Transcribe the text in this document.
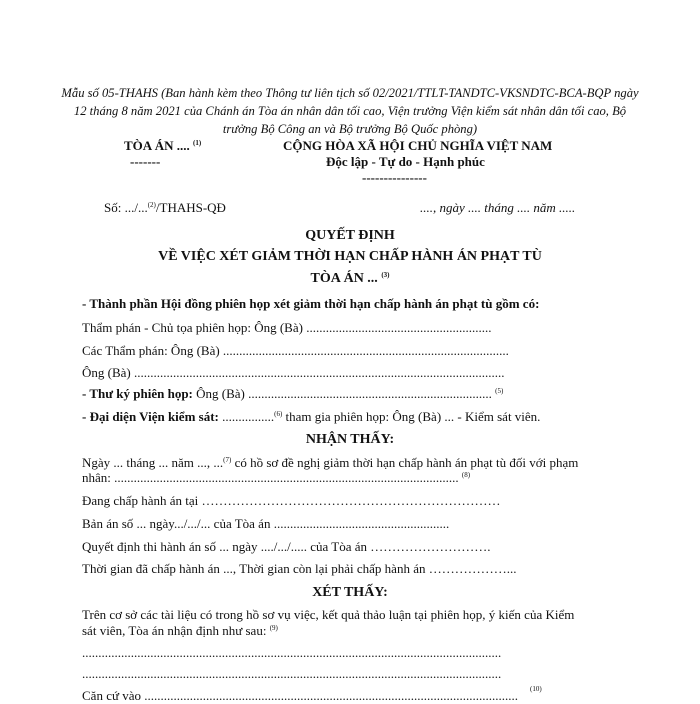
Mẫu số 05-THAHS (Ban hành kèm theo Thông tư liên tịch số 02/2021/TTLT-TANDTC-VKSNDTC-BCA-BQP ngày 12 tháng 8 năm 2021 của Chánh án Tòa án nhân dân tối cao, Viện trưởng Viện kiểm sát nhân dân tối cao, Bộ trưởng Bộ Công an và Bộ trưởng Bộ Quốc phòng)
TÒA ÁN .... $^{(1)}$
-------
CỘNG HÒA XÃ HỘI CHỦ NGHĨA VIỆT NAM
Độc lập - Tự do - Hạnh phúc
---------------
Số: .../...$^{(2)}$/THAHS-QĐ	...., ngày .... tháng .... năm .....
QUYẾT ĐỊNH
VỀ VIỆC XÉT GIẢM THỜI HẠN CHẤP HÀNH ÁN PHẠT TÙ
TÒA ÁN ... $^{(3)}$
- Thành phần Hội đồng phiên họp xét giảm thời hạn chấp hành án phạt tù gồm có:
Thẩm phán - Chủ tọa phiên họp: Ông (Bà) .........................................................
Các Thẩm phán: Ông (Bà) ........................................................................................
Ông (Bà) ..................................................................................................................
- Thư ký phiên họp: Ông (Bà) ........................................................................... $^{(5)}$
- Đại diện Viện kiểm sát: ................$^{(6)}$ tham gia phiên họp: Ông (Bà) ... - Kiểm sát viên.
NHẬN THẤY:
Ngày ... tháng ... năm ..., ...$^{(7)}$ có hồ sơ đề nghị giảm thời hạn chấp hành án phạt tù đối với phạm
nhân: .......................................................................................................... $^{(8)}$
Đang chấp hành án tại ……………………………………………………………
Bản án số ... ngày.../.../... của Tòa án ......................................................
Quyết định thi hành án số ... ngày ..../.../..... của Tòa án ……………………….
Thời gian đã chấp hành án ..., Thời gian còn lại phải chấp hành án ………………...
XÉT THẤY:
Trên cơ sở các tài liệu có trong hồ sơ vụ việc, kết quả thảo luận tại phiên họp, ý kiến của Kiểm
sát viên, Tòa án nhận định như sau: $^{(9)}$
.................................................................................................................................
.................................................................................................................................
Căn cứ vào ...................................................................................................................	(10)
